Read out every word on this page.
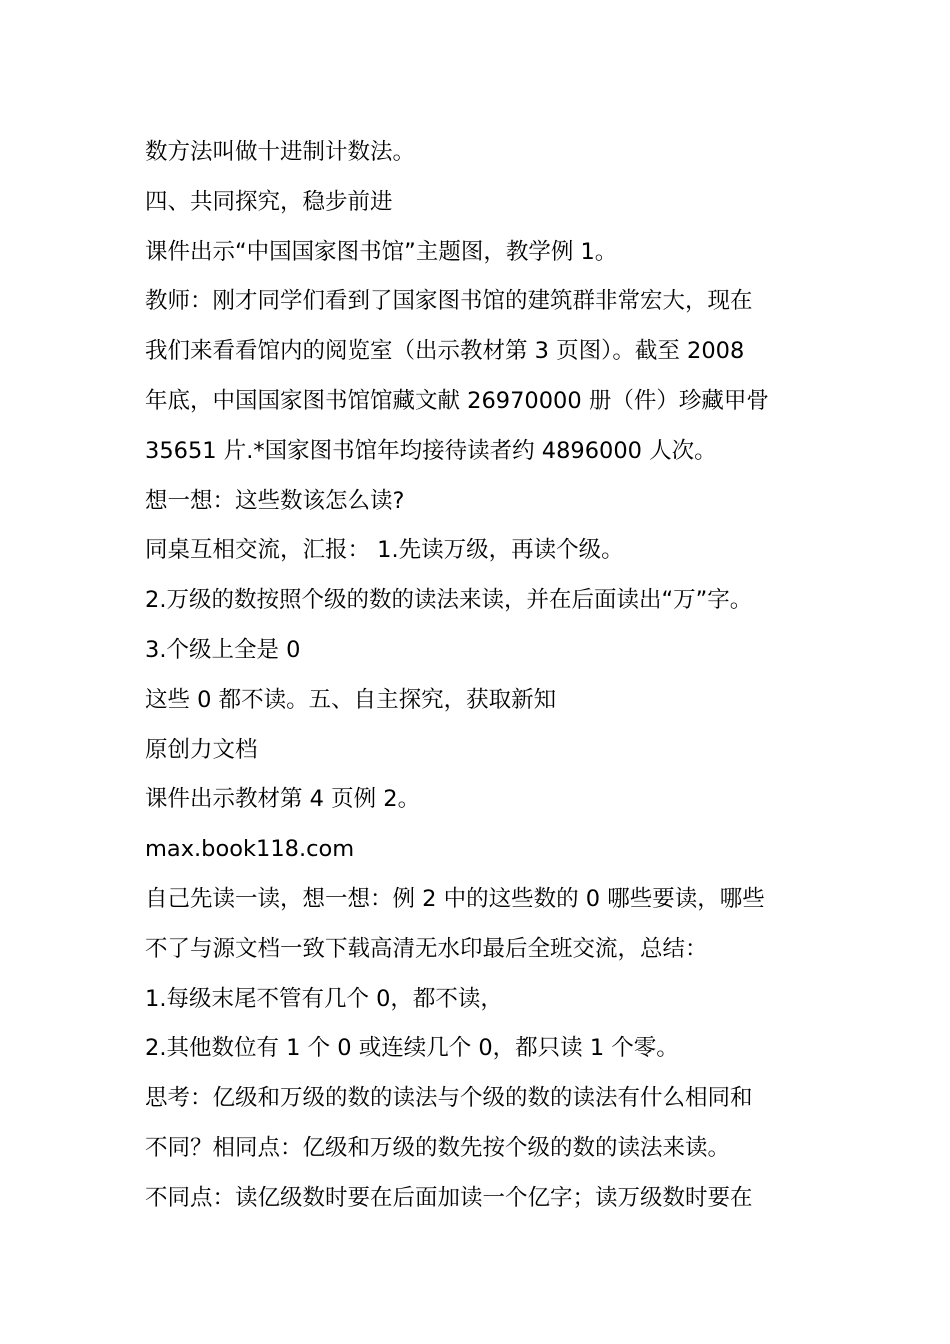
数方法叫做十进制计数法。
四、共同探究，稳步前进
课件出示“中国国家图书馆”主题图，教学例 1。
教师：刚才同学们看到了国家图书馆的建筑群非常宏大，现在
我们来看看馆内的阅览室（出示教材第 3 页图）。截至 2008
年底，中国国家图书馆馆藏文献 26970000 册（件）珍藏甲骨
35651 片.*国家图书馆年均接待读者约 4896000 人次。
想一想：这些数该怎么读?
同桌互相交流，汇报： 1.先读万级，再读个级。
2.万级的数按照个级的数的读法来读，并在后面读出“万”字。
3.个级上全是 0
这些 0 都不读。五、自主探究，获取新知
原创力文档
课件出示教材第 4 页例 2。
max.book118.com
自己先读一读，想一想：例 2 中的这些数的 0 哪些要读，哪些
不了与源文档一致下载高清无水印最后全班交流，总结：
1.每级末尾不管有几个 0，都不读，
2.其他数位有 1 个 0 或连续几个 0，都只读 1 个零。
思考：亿级和万级的数的读法与个级的数的读法有什么相同和
不同？相同点：亿级和万级的数先按个级的数的读法来读。
不同点：读亿级数时要在后面加读一个亿字；读万级数时要在
